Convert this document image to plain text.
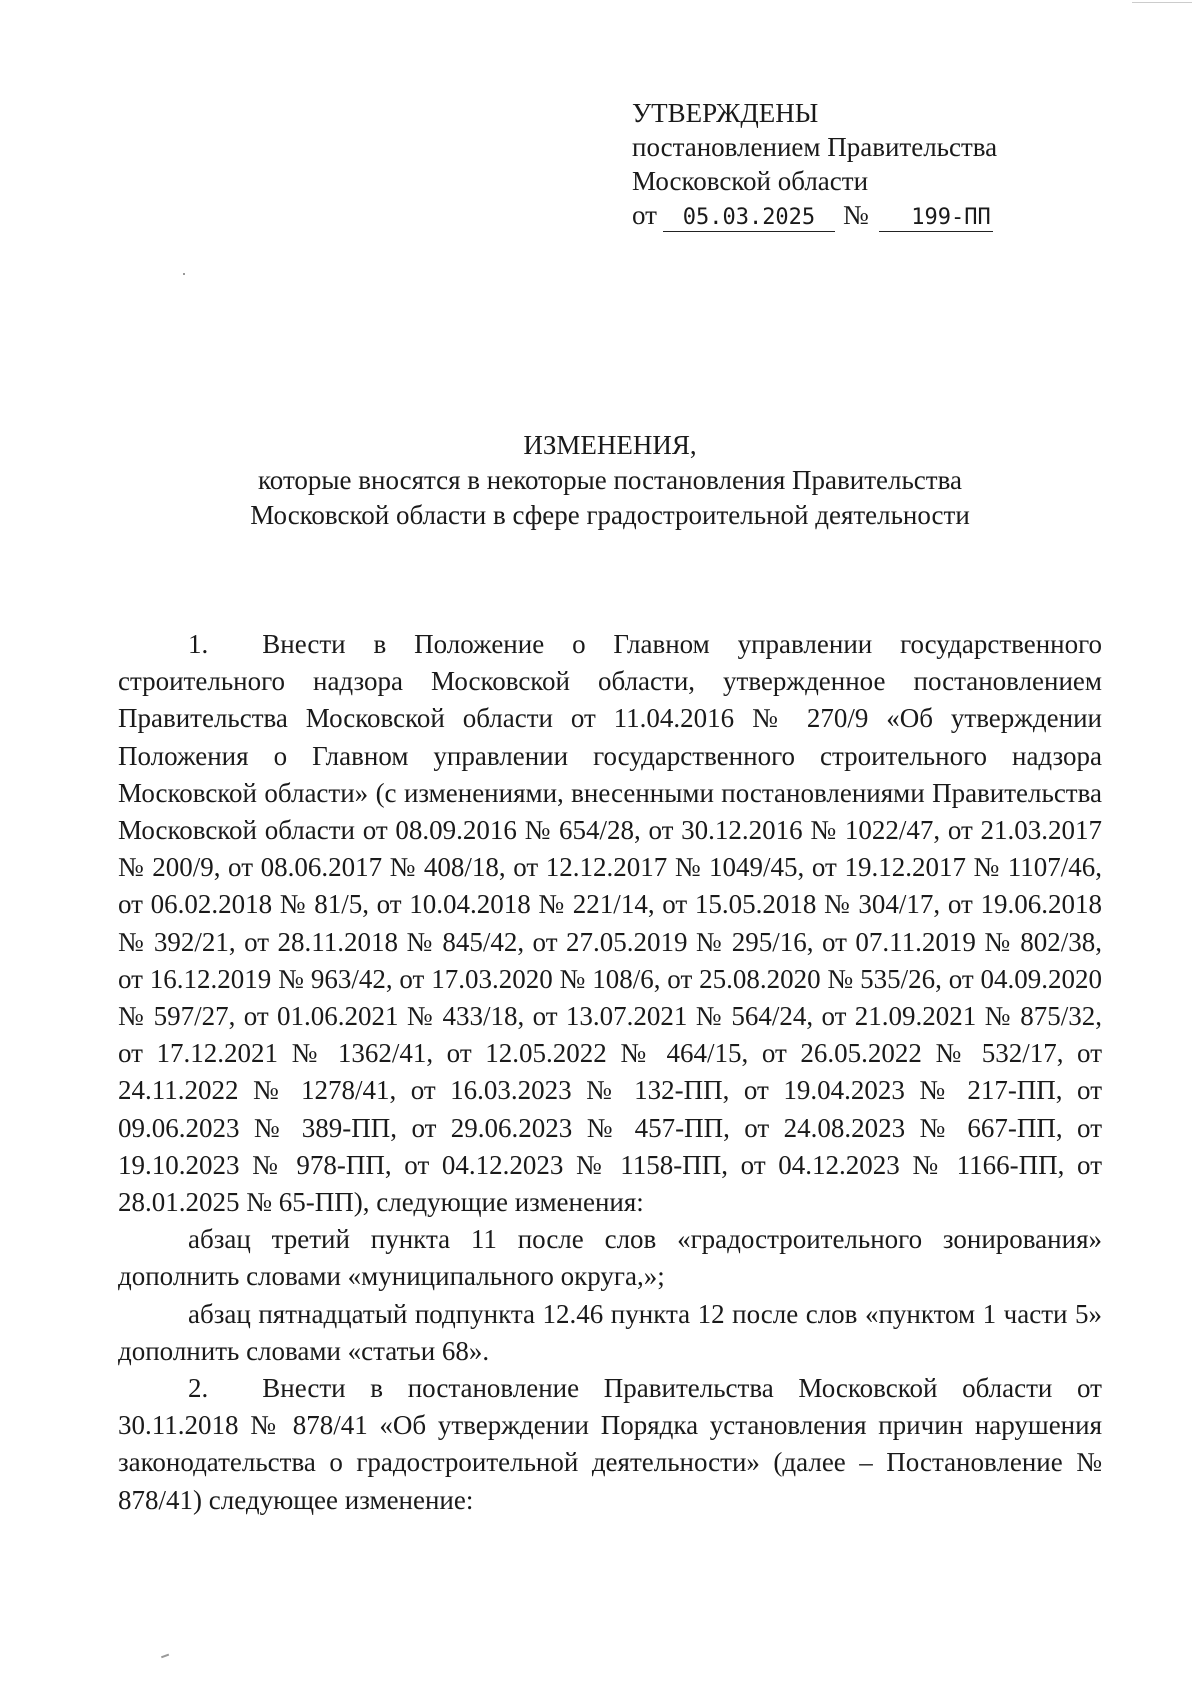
УТВЕРЖДЕНЫ
постановлением Правительства
Московской области
от 05.03.2025 № 199-ПП
ИЗМЕНЕНИЯ,
которые вносятся в некоторые постановления Правительства
Московской области в сфере градостроительной деятельности

1.  Внести в Положение о Главном управлении государственного строительного надзора Московской области, утвержденное постановлением Правительства Московской области от 11.04.2016 № 270/9 «Об утверждении Положения о Главном управлении государственного строительного надзора Московской области» (с изменениями, внесенными постановлениями Правительства Московской области от 08.09.2016 № 654/28, от 30.12.2016 № 1022/47, от 21.03.2017 № 200/9, от 08.06.2017 № 408/18, от 12.12.2017 № 1049/45, от 19.12.2017 № 1107/46, от 06.02.2018 № 81/5, от 10.04.2018 № 221/14, от 15.05.2018 № 304/17, от 19.06.2018 № 392/21, от 28.11.2018 № 845/42, от 27.05.2019 № 295/16, от 07.11.2019 № 802/38, от 16.12.2019 № 963/42, от 17.03.2020 № 108/6, от 25.08.2020 № 535/26, от 04.09.2020 № 597/27, от 01.06.2021 № 433/18, от 13.07.2021 № 564/24, от 21.09.2021 № 875/32, от 17.12.2021 № 1362/41, от 12.05.2022 № 464/15, от 26.05.2022 № 532/17, от 24.11.2022 № 1278/41, от 16.03.2023 № 132-ПП, от 19.04.2023 № 217-ПП, от 09.06.2023 № 389-ПП, от 29.06.2023 № 457-ПП, от 24.08.2023 № 667-ПП, от 19.10.2023 № 978-ПП, от 04.12.2023 № 1158-ПП, от 04.12.2023 № 1166-ПП, от 28.01.2025 № 65-ПП), следующие изменения:

абзац третий пункта 11 после слов «градостроительного зонирования» дополнить словами «муниципального округа,»;

абзац пятнадцатый подпункта 12.46 пункта 12 после слов «пунктом 1 части 5» дополнить словами «статьи 68».

2.  Внести в постановление Правительства Московской области от 30.11.2018 № 878/41 «Об утверждении Порядка установления причин нарушения законодательства о градостроительной деятельности» (далее – Постановление № 878/41) следующее изменение:
